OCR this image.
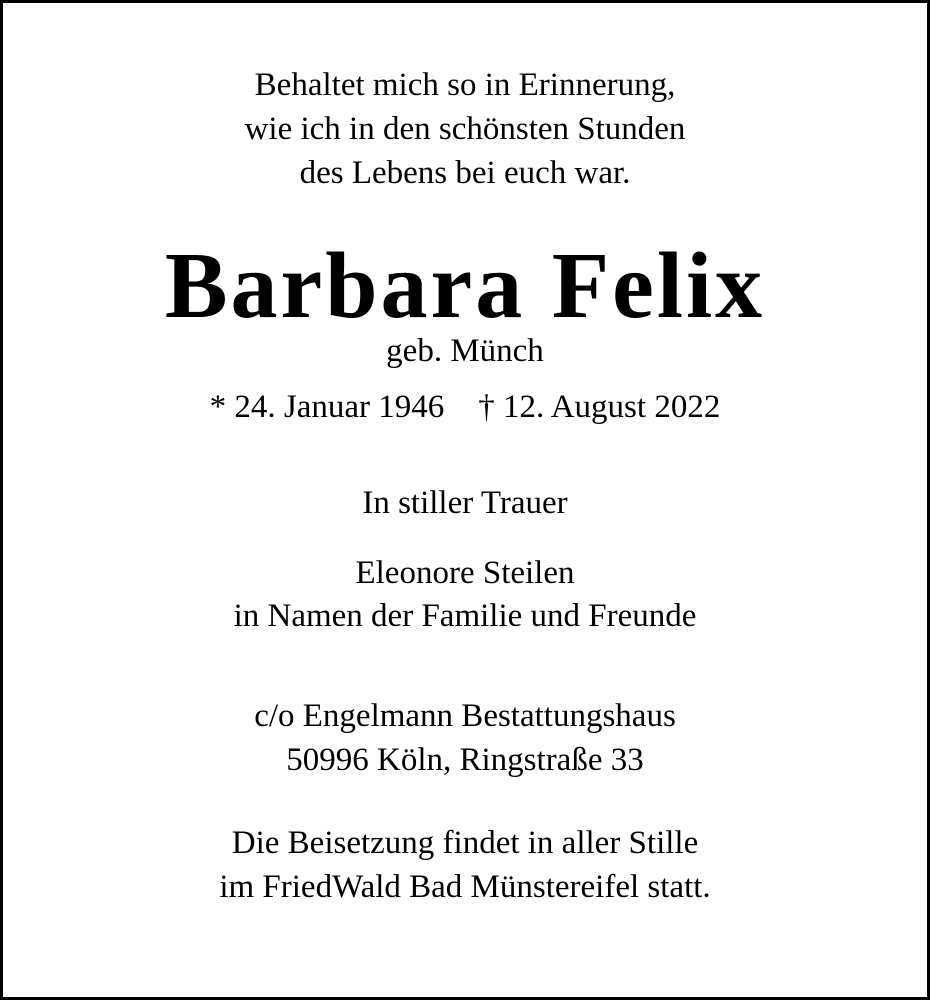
Behaltet mich so in Erinnerung,
wie ich in den schönsten Stunden
des Lebens bei euch war.
Barbara Felix
geb. Münch
* 24. Januar 1946 † 12. August 2022
In stiller Trauer
Eleonore Steilen
in Namen der Familie und Freunde
c/o Engelmann Bestattungshaus
50996 Köln, Ringstraße 33
Die Beisetzung findet in aller Stille
im FriedWald Bad Münstereifel statt.
